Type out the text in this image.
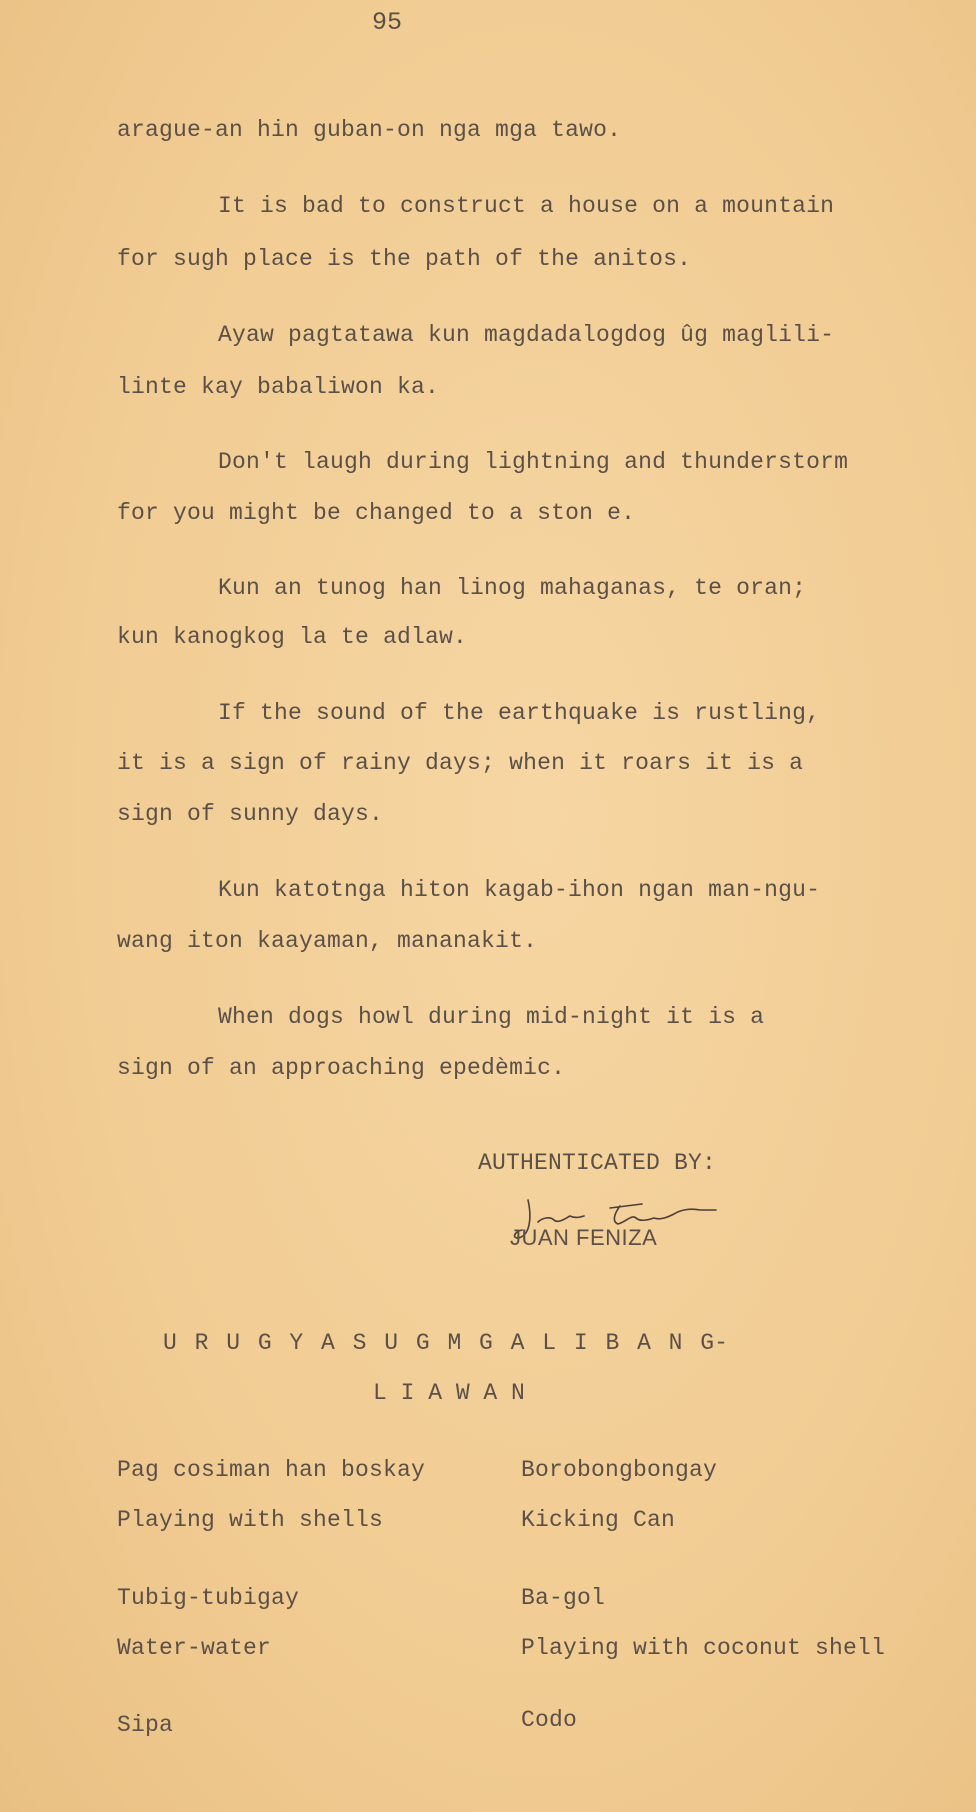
95
arague-an hin guban-on nga mga tawo.
It is bad to construct a house on a mountain
for sugh place is the path of the anitos.
Ayaw pagtatawa kun magdadalogdog ûg maglili-
linte kay babaliwon ka.
Don't laugh during lightning and thunderstorm
for you might be changed to a ston e.
Kun an tunog han linog mahaganas, te oran;
kun kanogkog la te adlaw.
If the sound of the earthquake is rustling,
it is a sign of rainy days; when it roars it is a
sign of sunny days.
Kun katotnga hiton kagab-ihon ngan man-ngu-
wang iton kaayaman, mananakit.
When dogs howl during mid-night it is a
sign of an approaching epedèmic.
AUTHENTICATED BY:
JUAN FENIZA
U R U G Y A S U G M G A L I B A N G-
L I A W A N
Pag cosiman han boskay
Playing with shells
Borobongbongay
Kicking Can
Tubig-tubigay
Water-water
Ba-gol
Playing with coconut shell
Sipa	Codo
